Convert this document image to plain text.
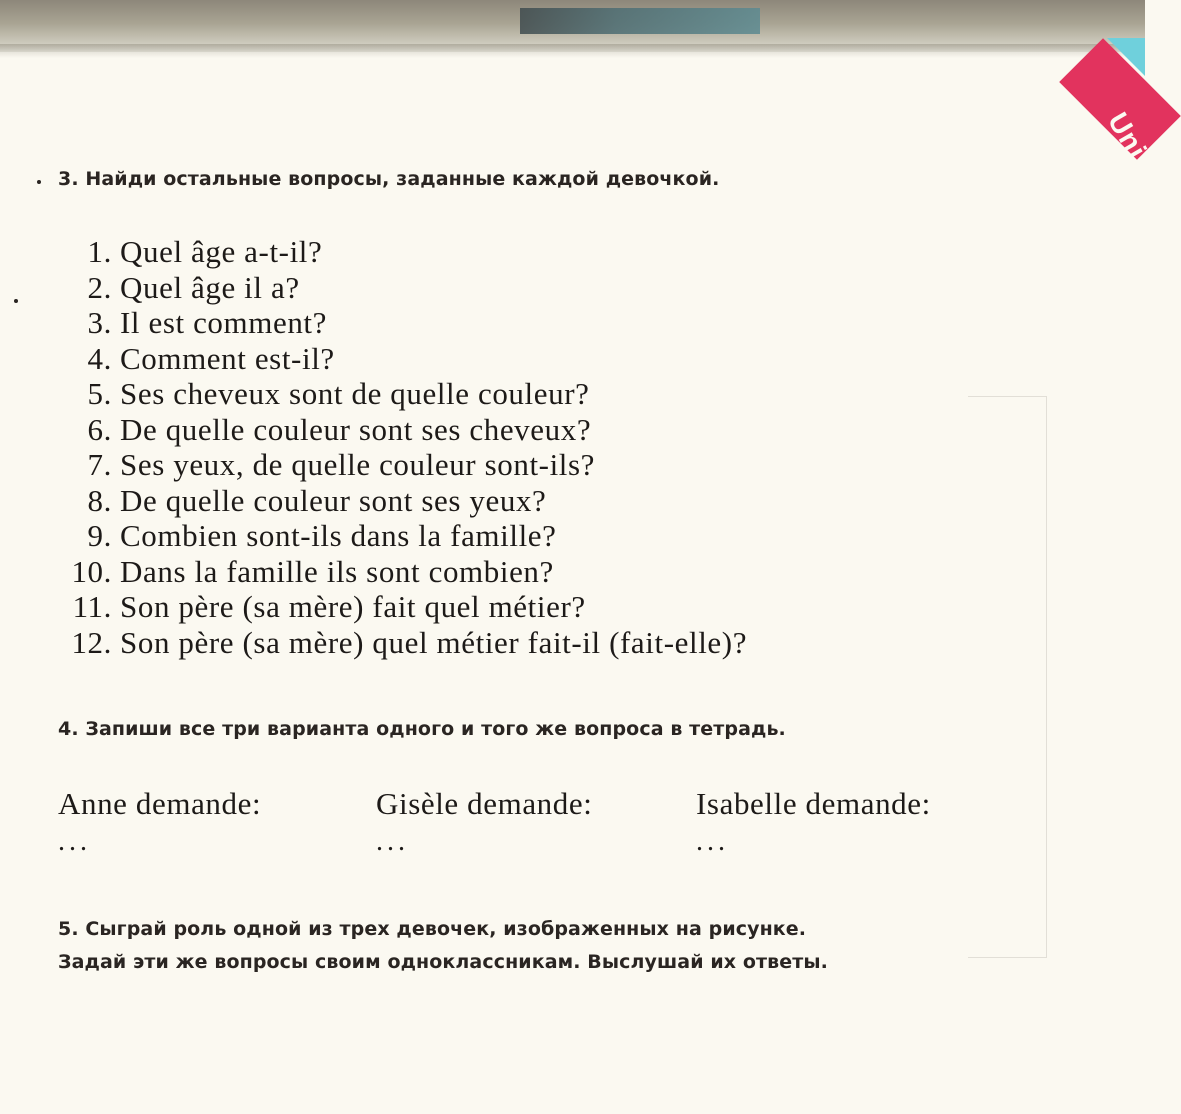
Uni
3. Найди остальные вопросы, заданные каждой девочкой.
1. Quel âge a-t-il?
2. Quel âge il a?
3. Il est comment?
4. Comment est-il?
5. Ses cheveux sont de quelle couleur?
6. De quelle couleur sont ses cheveux?
7. Ses yeux, de quelle couleur sont-ils?
8. De quelle couleur sont ses yeux?
9. Combien sont-ils dans la famille?
10. Dans la famille ils sont combien?
11. Son père (sa mère) fait quel métier?
12. Son père (sa mère) quel métier fait-il (fait-elle)?
4. Запиши все три варианта одного и того же вопроса в тетрадь.
Anne demande:	Gisèle demande:	Isabelle demande:
...	...	...
5. Сыграй роль одной из трех девочек, изображенных на рисунке.
Задай эти же вопросы своим одноклассникам. Выслушай их ответы.
